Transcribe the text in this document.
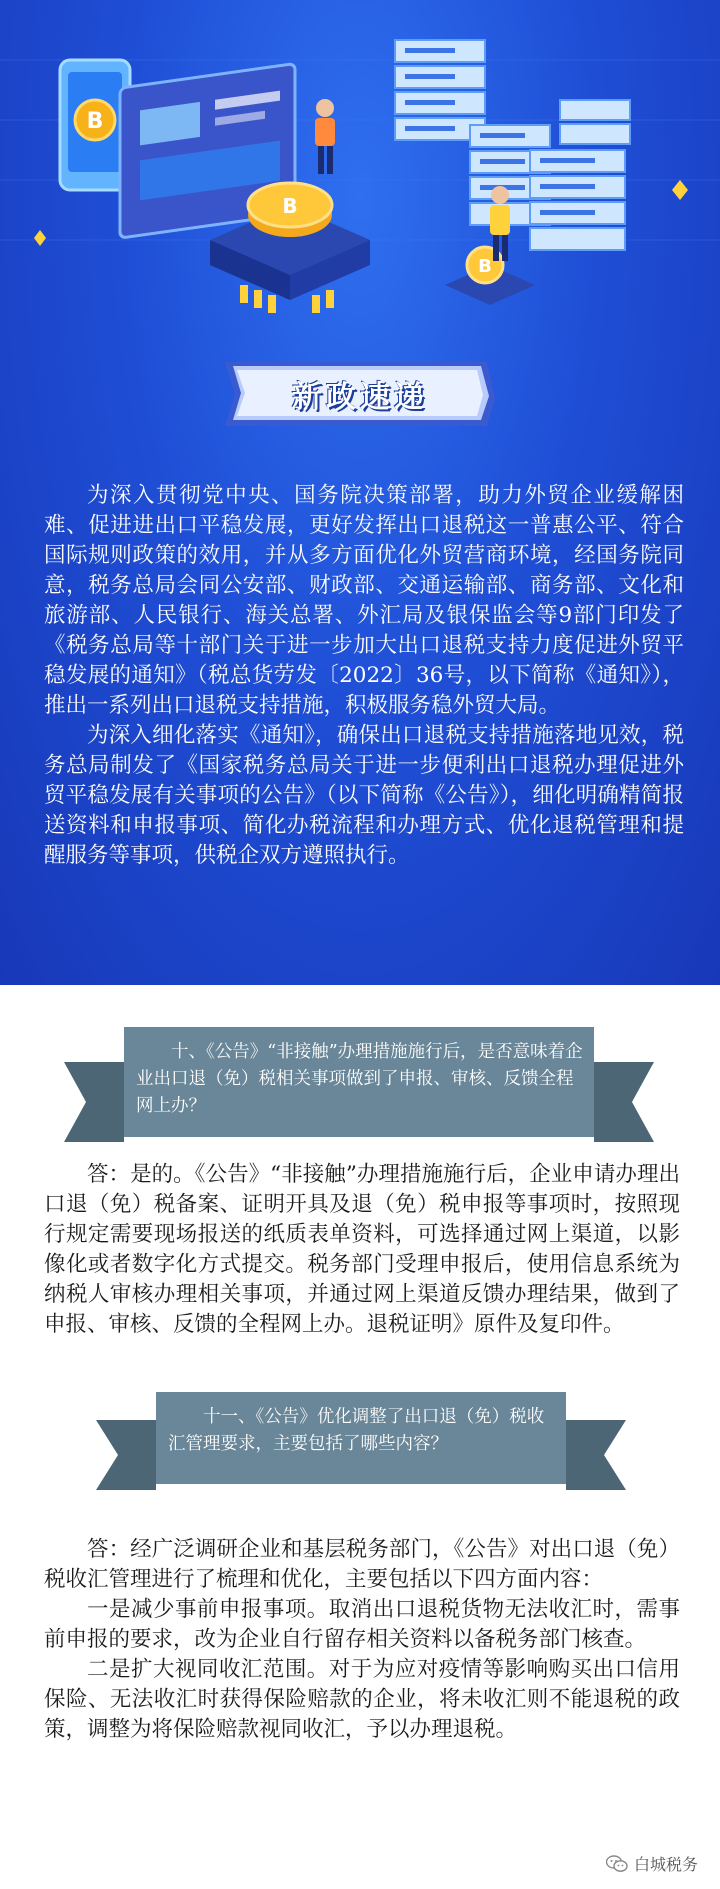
B
B
B
新政速递

为深入贯彻党中央、国务院决策部署，助力外贸企业缓解困难、促进进出口平稳发展，更好发挥出口退税这一普惠公平、符合国际规则政策的效用，并从多方面优化外贸营商环境，经国务院同意，税务总局会同公安部、财政部、交通运输部、商务部、文化和旅游部、人民银行、海关总署、外汇局及银保监会等9部门印发了《税务总局等十部门关于进一步加大出口退税支持力度促进外贸平稳发展的通知》（税总货劳发〔2022〕36号，以下简称《通知》），推出一系列出口退税支持措施，积极服务稳外贸大局。

为深入细化落实《通知》，确保出口退税支持措施落地见效，税务总局制发了《国家税务总局关于进一步便利出口退税办理促进外贸平稳发展有关事项的公告》（以下简称《公告》），细化明确精简报送资料和申报事项、简化办税流程和办理方式、优化退税管理和提醒服务等事项，供税企双方遵照执行。

十、《公告》“非接触”办理措施施行后，是否意味着企业出口退（免）税相关事项做到了申报、审核、反馈全程网上办？

答：是的。《公告》“非接触”办理措施施行后，企业申请办理出口退（免）税备案、证明开具及退（免）税申报等事项时，按照现行规定需要现场报送的纸质表单资料，可选择通过网上渠道，以影像化或者数字化方式提交。税务部门受理申报后，使用信息系统为纳税人审核办理相关事项，并通过网上渠道反馈办理结果，做到了申报、审核、反馈的全程网上办。退税证明》原件及复印件。

十一、《公告》优化调整了出口退（免）税收汇管理要求，主要包括了哪些内容？

答：经广泛调研企业和基层税务部门，《公告》对出口退（免）税收汇管理进行了梳理和优化，主要包括以下四方面内容：

一是减少事前申报事项。取消出口退税货物无法收汇时，需事前申报的要求，改为企业自行留存相关资料以备税务部门核查。

二是扩大视同收汇范围。对于为应对疫情等影响购买出口信用保险、无法收汇时获得保险赔款的企业，将未收汇则不能退税的政策，调整为将保险赔款视同收汇，予以办理退税。

白城税务
